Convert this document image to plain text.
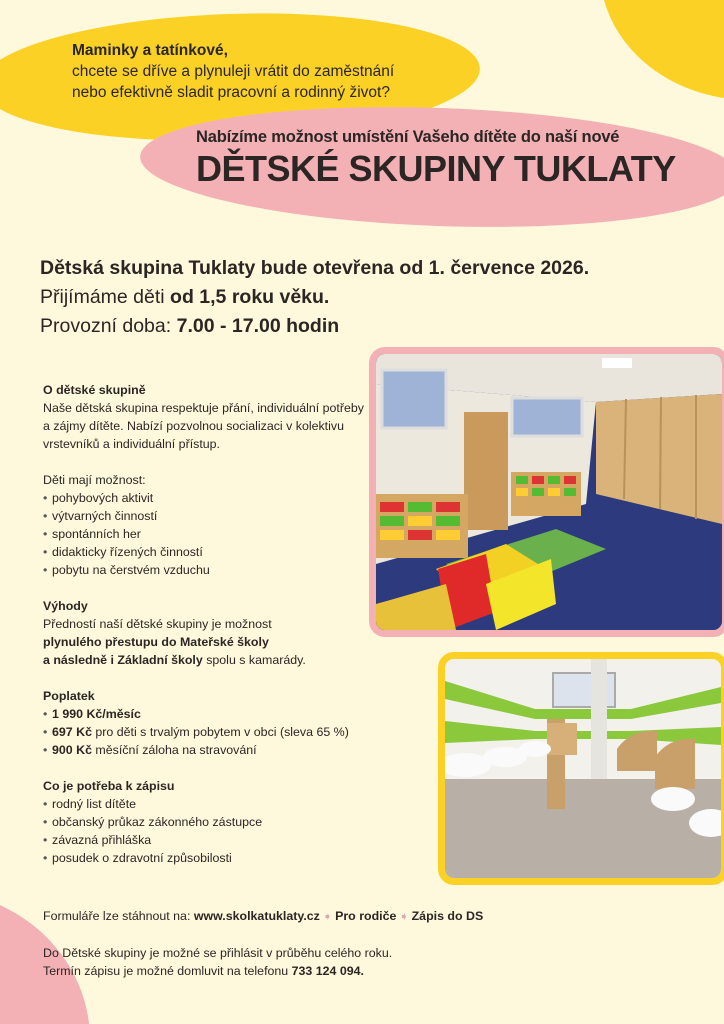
Maminky a tatínkové,
chcete se dříve a plynuleji vrátit do zaměstnání
nebo efektivně sladit pracovní a rodinný život?
Nabízíme možnost umístění Vašeho dítěte do naší nové
DĚTSKÉ SKUPINY TUKLATY
Dětská skupina Tuklaty bude otevřena od 1. července 2026.
Přijímáme děti od 1,5 roku věku.
Provozní doba: 7.00 - 17.00 hodin
O dětské skupině

Naše dětská skupina respektuje přání, individuální potřeby a zájmy dítěte. Nabízí pozvolnou socializaci v kolektivu vrstevníků a individuální přístup.

Děti mají možnost:

• pohybových aktivit
• výtvarných činností
• spontánních her
• didakticky řízených činností
• pobytu na čerstvém vzduchu
Výhody

Předností naší dětské skupiny je možnost

plynulého přestupu do Mateřské školy

a následně i Základní školy spolu s kamarády.

Poplatek
• 1 990 Kč/měsíc
• 697 Kč pro děti s trvalým pobytem v obci (sleva 65 %)
• 900 Kč měsíční záloha na stravování
Co je potřeba k zápisu
• rodný list dítěte
• občanský průkaz zákonného zástupce
• závazná přihláška
• posudek o zdravotní způsobilosti
Formuláře lze stáhnout na: www.skolkatuklaty.cz ➧ Pro rodiče ➧ Zápis do DS
Do Dětské skupiny je možné se přihlásit v průběhu celého roku.
Termín zápisu je možné domluvit na telefonu 733 124 094.
